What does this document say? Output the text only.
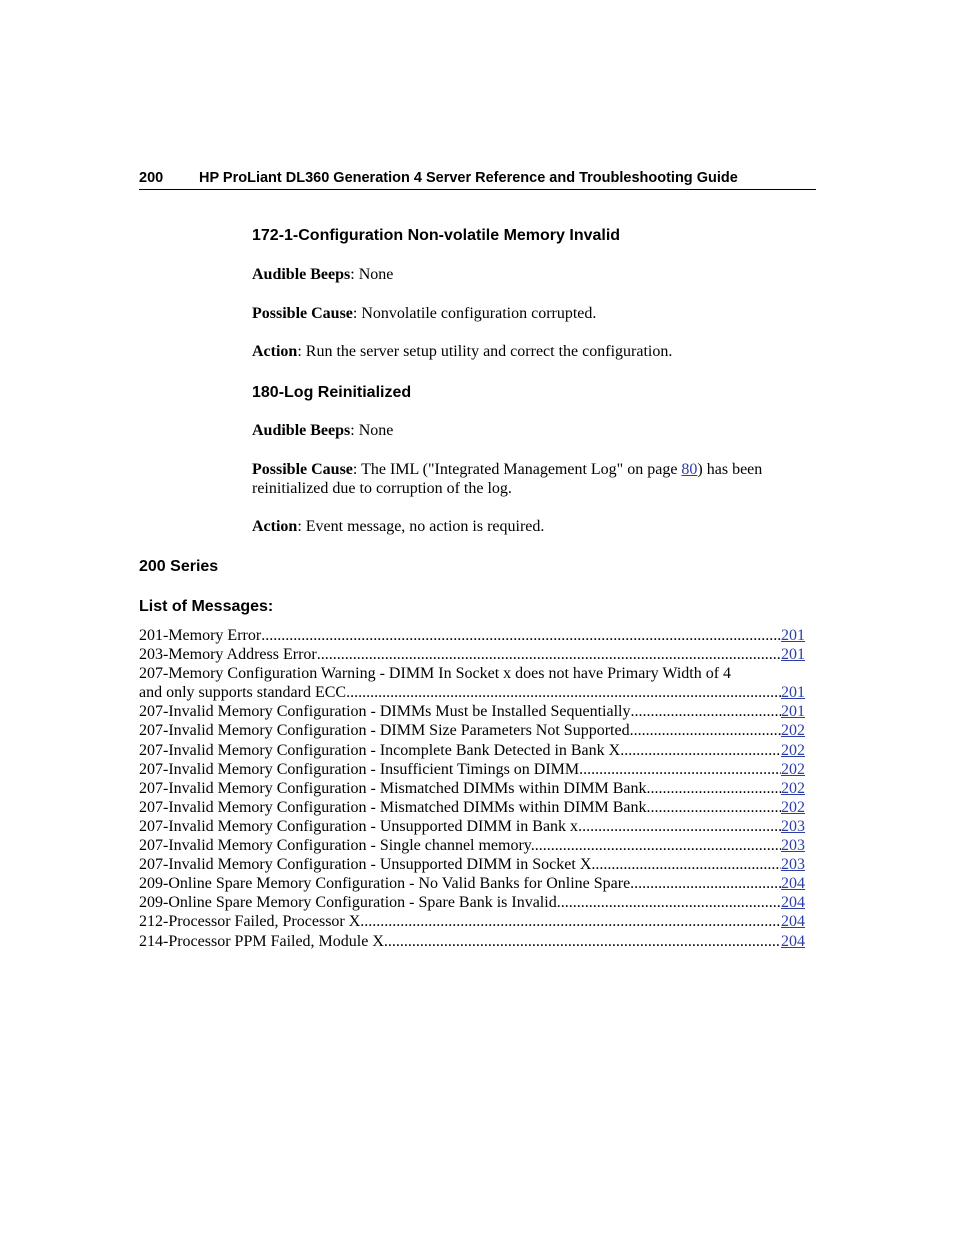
200 HP ProLiant DL360 Generation 4 Server Reference and Troubleshooting Guide
172-1-Configuration Non-volatile Memory Invalid
Audible Beeps: None
Possible Cause: Nonvolatile configuration corrupted.
Action: Run the server setup utility and correct the configuration.
180-Log Reinitialized
Audible Beeps: None
Possible Cause: The IML ("Integrated Management Log" on page 80) has been reinitialized due to corruption of the log.
Action: Event message, no action is required.
200 Series
List of Messages:
201-Memory Error .....	201
203-Memory Address Error .....	201
207-Memory Configuration Warning - DIMM In Socket x does not have Primary Width of 4
and only supports standard ECC .....	201
207-Invalid Memory Configuration - DIMMs Must be Installed Sequentially .....	201
207-Invalid Memory Configuration - DIMM Size Parameters Not Supported. .....	202
207-Invalid Memory Configuration - Incomplete Bank Detected in Bank X .....	202
207-Invalid Memory Configuration - Insufficient Timings on DIMM .....	202
207-Invalid Memory Configuration - Mismatched DIMMs within DIMM Bank .....	202
207-Invalid Memory Configuration - Mismatched DIMMs within DIMM Bank .....	202
207-Invalid Memory Configuration - Unsupported DIMM in Bank x .....	203
207-Invalid Memory Configuration - Single channel memory... .....	203
207-Invalid Memory Configuration - Unsupported DIMM in Socket X .....	203
209-Online Spare Memory Configuration - No Valid Banks for Online Spare .....	204
209-Online Spare Memory Configuration - Spare Bank is Invalid .....	204
212-Processor Failed, Processor X .....	204
214-Processor PPM Failed, Module X .....	204
